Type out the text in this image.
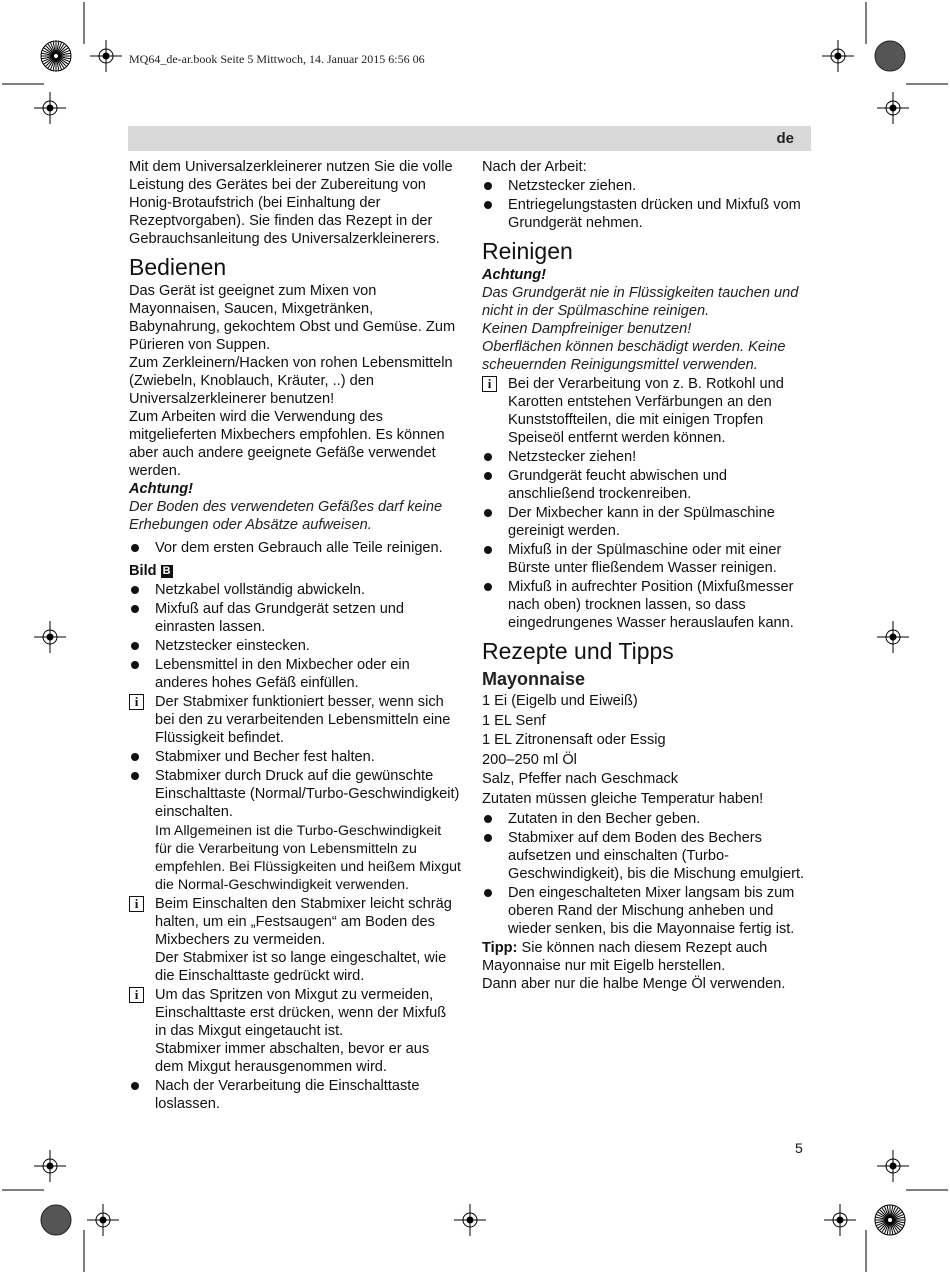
MQ64_de-ar.book Seite 5 Mittwoch, 14. Januar 2015 6:56 06
de

Mit dem Universalzerkleinerer nutzen Sie die volle Leistung des Gerätes bei der Zubereitung von Honig-Brotaufstrich (bei Einhaltung der Rezeptvorgaben). Sie finden das Rezept in der Gebrauchsanleitung des Universalzerkleinerers.

Bedienen

Das Gerät ist geeignet zum Mixen von Mayonnaisen, Saucen, Mixgetränken, Babynahrung, gekochtem Obst und Gemüse. Zum Pürieren von Suppen.

Zum Zerkleinern/Hacken von rohen Lebensmitteln (Zwiebeln, Knoblauch, Kräuter, ..) den Universalzerkleinerer benutzen!

Zum Arbeiten wird die Verwendung des mitgelieferten Mixbechers empfohlen. Es können aber auch andere geeignete Gefäße verwendet werden.

Achtung!

Der Boden des verwendeten Gefäßes darf keine Erhebungen oder Absätze aufweisen.

Vor dem ersten Gebrauch alle Teile reinigen.

Bild B

Netzkabel vollständig abwickeln.
Mixfuß auf das Grundgerät setzen und einrasten lassen.
Netzstecker einstecken.
Lebensmittel in den Mixbecher oder ein anderes hohes Gefäß einfüllen.
i	Der Stabmixer funktioniert besser, wenn sich bei den zu verarbeitenden Lebensmitteln eine Flüssigkeit befindet.
Stabmixer und Becher fest halten.
Stabmixer durch Druck auf die gewünschte Einschalttaste (Normal/Turbo-Geschwindigkeit) einschalten.

Im Allgemeinen ist die Turbo-Geschwindigkeit für die Verarbeitung von Lebensmitteln zu empfehlen. Bei Flüssigkeiten und heißem Mixgut die Normal-Geschwindigkeit verwenden.

i	Beim Einschalten den Stabmixer leicht schräg halten, um ein „Festsaugen“ am Boden des Mixbechers zu vermeiden.
Der Stabmixer ist so lange eingeschaltet, wie die Einschalttaste gedrückt wird.
i	Um das Spritzen von Mixgut zu vermeiden, Einschalttaste erst drücken, wenn der Mixfuß in das Mixgut eingetaucht ist.
Stabmixer immer abschalten, bevor er aus dem Mixgut herausgenommen wird.
Nach der Verarbeitung die Einschalttaste loslassen.

Nach der Arbeit:

Netzstecker ziehen.
Entriegelungstasten drücken und Mixfuß vom Grundgerät nehmen.
Reinigen

Achtung!

Das Grundgerät nie in Flüssigkeiten tauchen und nicht in der Spülmaschine reinigen.

Keinen Dampfreiniger benutzen!

Oberflächen können beschädigt werden. Keine scheuernden Reinigungsmittel verwenden.

i	Bei der Verarbeitung von z. B. Rotkohl und Karotten entstehen Verfärbungen an den Kunststoffteilen, die mit einigen Tropfen Speiseöl entfernt werden können.
Netzstecker ziehen!
Grundgerät feucht abwischen und anschließend trockenreiben.
Der Mixbecher kann in der Spülmaschine gereinigt werden.
Mixfuß in der Spülmaschine oder mit einer Bürste unter fließendem Wasser reinigen.
Mixfuß in aufrechter Position (Mixfußmesser nach oben) trocknen lassen, so dass eingedrungenes Wasser herauslaufen kann.
Rezepte und Tipps
Mayonnaise

1 Ei (Eigelb und Eiweiß)

1 EL Senf

1 EL Zitronensaft oder Essig

200–250 ml Öl

Salz, Pfeffer nach Geschmack

Zutaten müssen gleiche Temperatur haben!

Zutaten in den Becher geben.
Stabmixer auf dem Boden des Bechers aufsetzen und einschalten (Turbo-Geschwindigkeit), bis die Mischung emulgiert.
Den eingeschalteten Mixer langsam bis zum oberen Rand der Mischung anheben und wieder senken, bis die Mayonnaise fertig ist.

Tipp: Sie können nach diesem Rezept auch Mayonnaise nur mit Eigelb herstellen.

Dann aber nur die halbe Menge Öl verwenden.

5
